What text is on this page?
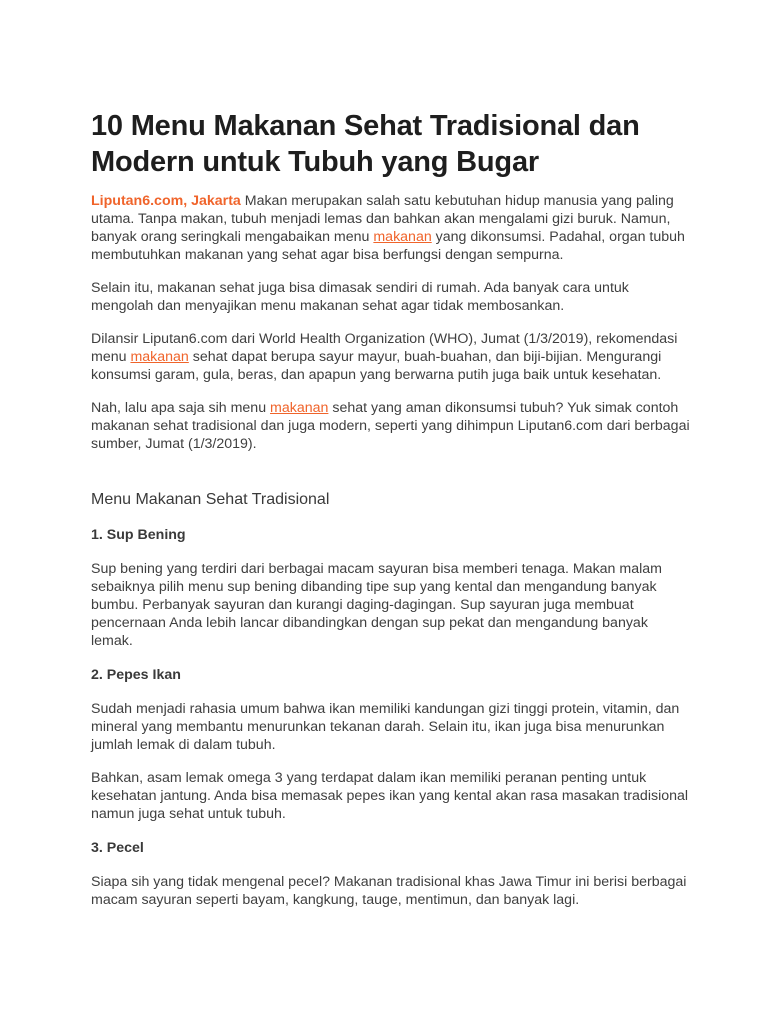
10 Menu Makanan Sehat Tradisional dan Modern untuk Tubuh yang Bugar

Liputan6.com, Jakarta Makan merupakan salah satu kebutuhan hidup manusia yang paling utama. Tanpa makan, tubuh menjadi lemas dan bahkan akan mengalami gizi buruk. Namun, banyak orang seringkali mengabaikan menu makanan yang dikonsumsi. Padahal, organ tubuh membutuhkan makanan yang sehat agar bisa berfungsi dengan sempurna.

Selain itu, makanan sehat juga bisa dimasak sendiri di rumah. Ada banyak cara untuk mengolah dan menyajikan menu makanan sehat agar tidak membosankan.

Dilansir Liputan6.com dari World Health Organization (WHO), Jumat (1/3/2019), rekomendasi menu makanan sehat dapat berupa sayur mayur, buah-buahan, dan biji-bijian. Mengurangi konsumsi garam, gula, beras, dan apapun yang berwarna putih juga baik untuk kesehatan.

Nah, lalu apa saja sih menu makanan sehat yang aman dikonsumsi tubuh? Yuk simak contoh makanan sehat tradisional dan juga modern, seperti yang dihimpun Liputan6.com dari berbagai sumber, Jumat (1/3/2019).

Menu Makanan Sehat Tradisional
1. Sup Bening

Sup bening yang terdiri dari berbagai macam sayuran bisa memberi tenaga. Makan malam sebaiknya pilih menu sup bening dibanding tipe sup yang kental dan mengandung banyak bumbu. Perbanyak sayuran dan kurangi daging-dagingan. Sup sayuran juga membuat pencernaan Anda lebih lancar dibandingkan dengan sup pekat dan mengandung banyak lemak.

2. Pepes Ikan

Sudah menjadi rahasia umum bahwa ikan memiliki kandungan gizi tinggi protein, vitamin, dan mineral yang membantu menurunkan tekanan darah. Selain itu, ikan juga bisa menurunkan jumlah lemak di dalam tubuh.

Bahkan, asam lemak omega 3 yang terdapat dalam ikan memiliki peranan penting untuk kesehatan jantung. Anda bisa memasak pepes ikan yang kental akan rasa masakan tradisional namun juga sehat untuk tubuh.

3. Pecel

Siapa sih yang tidak mengenal pecel? Makanan tradisional khas Jawa Timur ini berisi berbagai macam sayuran seperti bayam, kangkung, tauge, mentimun, dan banyak lagi.
